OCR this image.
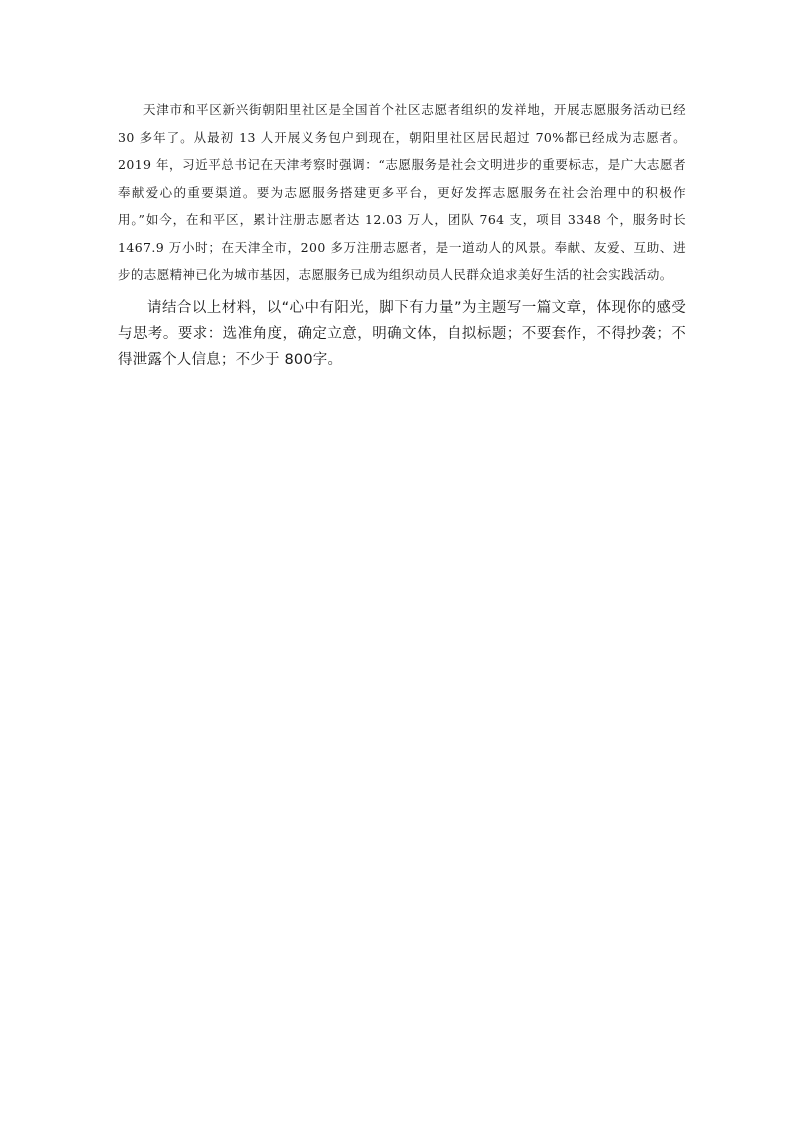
天津市和平区新兴街朝阳里社区是全国首个社区志愿者组织的发祥地，开展志愿服务活动已经 30 多年了。从最初 13 人开展义务包户到现在，朝阳里社区居民超过 70%都已经成为志愿者。2019 年，习近平总书记在天津考察时强调：“志愿服务是社会文明进步的重要标志，是广大志愿者奉献爱心的重要渠道。要为志愿服务搭建更多平台，更好发挥志愿服务在社会治理中的积极作用。”如今，在和平区，累计注册志愿者达 12.03 万人，团队 764 支，项目 3348 个，服务时长 1467.9 万小时；在天津全市，200 多万注册志愿者，是一道动人的风景。奉献、友爱、互助、进步的志愿精神已化为城市基因，志愿服务已成为组织动员人民群众追求美好生活的社会实践活动。

请结合以上材料，以“心中有阳光，脚下有力量”为主题写一篇文章，体现你的感受与思考。要求：选准角度，确定立意，明确文体，自拟标题；不要套作，不得抄袭；不得泄露个人信息；不少于 800字。
